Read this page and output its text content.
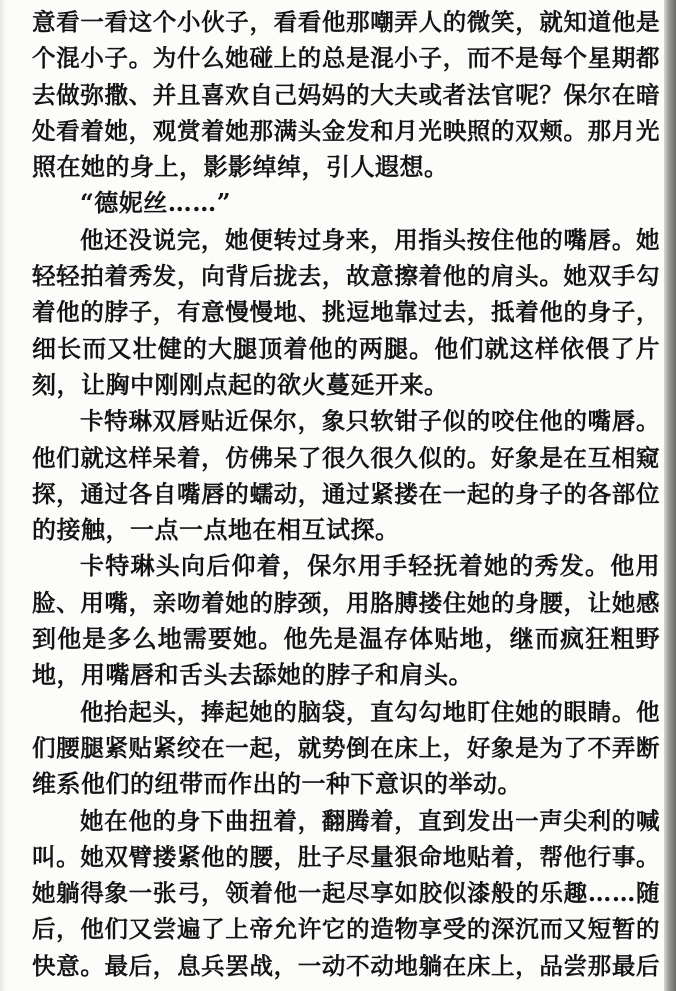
意看一看这个小伙子，看看他那嘲弄人的微笑，就知道他是
个混小子。为什么她碰上的总是混小子，而不是每个星期都
去做弥撒、并且喜欢自己妈妈的大夫或者法官呢？保尔在暗
处看着她，观赏着她那满头金发和月光映照的双颊。那月光
照在她的身上，影影绰绰，引人遐想。
“德妮丝……”
他还没说完，她便转过身来，用指头按住他的嘴唇。她
轻轻拍着秀发，向背后拢去，故意擦着他的肩头。她双手勾
着他的脖子，有意慢慢地、挑逗地靠过去，抵着他的身子，
细长而又壮健的大腿顶着他的两腿。他们就这样依偎了片
刻，让胸中刚刚点起的欲火蔓延开来。
卡特琳双唇贴近保尔，象只软钳子似的咬住他的嘴唇。
他们就这样呆着，仿佛呆了很久很久似的。好象是在互相窥
探，通过各自嘴唇的蠕动，通过紧搂在一起的身子的各部位
的接触，一点一点地在相互试探。
卡特琳头向后仰着，保尔用手轻抚着她的秀发。他用
脸、用嘴，亲吻着她的脖颈，用胳膊搂住她的身腰，让她感
到他是多么地需要她。他先是温存体贴地，继而疯狂粗野
地，用嘴唇和舌头去舔她的脖子和肩头。
他抬起头，捧起她的脑袋，直勾勾地盯住她的眼睛。他
们腰腿紧贴紧绞在一起，就势倒在床上，好象是为了不弄断
维系他们的纽带而作出的一种下意识的举动。
她在他的身下曲扭着，翻腾着，直到发出一声尖利的喊
叫。她双臂搂紧他的腰，肚子尽量狠命地贴着，帮他行事。
她躺得象一张弓，领着他一起尽享如胶似漆般的乐趣……随
后，他们又尝遍了上帝允许它的造物享受的深沉而又短暂的
快意。最后，息兵罢战，一动不动地躺在床上，品尝那最后
